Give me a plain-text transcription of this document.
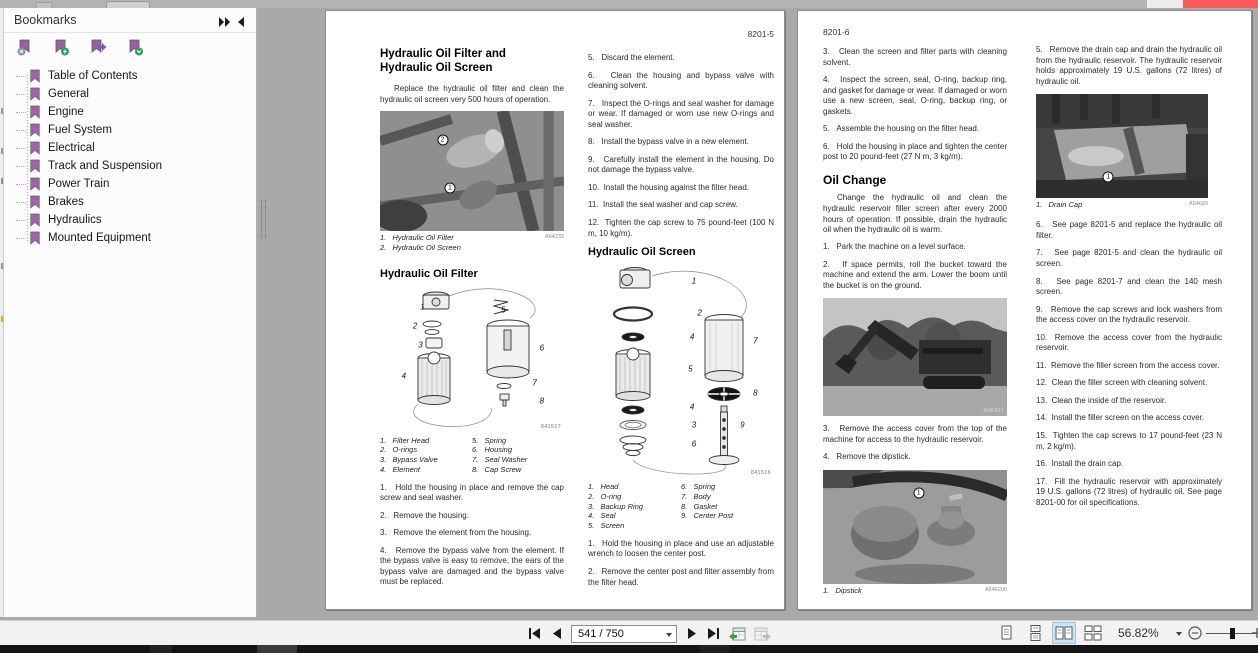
Bookmarks
Table of Contents
General
Engine
Fuel System
Electrical
Track and Suspension
Power Train
Brakes
Hydraulics
Mounted Equipment
Hydraulic Oil Filter and
Hydraulic Oil Screen

Replace the hydraulic oil filter and clean the hydraulic oil screen very 500 hours of operation.

2
1
A64233

1.   Hydraulic Oil Filter

2.   Hydraulic Oil Screen

Hydraulic Oil Filter
841517
1
2
3
4
5
6
7
8

1.   Filter Head

2.   O-rings

3.   Bypass Valve

4.   Element

5.   Spring

6.   Housing

7.   Seal Washer

8.   Cap Screw

1.   Hold the housing in place and remove the cap screw and seal washer.

2.   Remove the housing.

3.   Remove the element from the housing.

4.   Remove the bypass valve from the element. If the bypass valve is easy to remove, the ears of the bypass valve are damaged and the bypass valve must be replaced.

8201-5

5.   Discard the element.

6.   Clean the housing and bypass valve with cleaning solvent.

7.   Inspect the O-rings and seal washer for damage or wear. If damaged or worn use new O-rings and seal washer.

8.   Install the bypass valve in a new element.

9.   Carefully install the element in the housing. Do not damage the bypass valve.

10.  Install the housing against the filter head.

11.  Install the seal washer and cap screw.

12.  Tighten the cap screw to 75 pound-feet (100 N m, 10 kg/m).

Hydraulic Oil Screen
841516
1
2
4
5
4
3
6
7
8
9

1.   Head

2.   O-ring

3.   Backup Ring

4.   Seal

5.   Screen

6.   Spring

7.   Body

8.   Gasket

9.   Center Post

1.   Hold the housing in place and use an adjustable wrench to loosen the center post.

2.   Remove the center post and filter assembly from the filter head.

8201-6

3.   Clean the screen and filter parts with cleaning solvent.

4.   Inspect the screen, seal, O-ring, backup ring, and gasket for damage or wear. If damaged or worn use a new screen, seal, O-ring, backup ring, or gaskets.

5.   Assemble the housing on the filter head.

6.   Hold the housing in place and tighten the center post to 20 pound-feet (27 N m, 3 kg/m).

Oil Change

Change the hydraulic oil and clean the hydraulic reservoir filler screen after every 2000 hours of operation. If possible, drain the hydraulic oil when the hydraulic oil is warm.

1.   Park the machine on a level surface.

2.   If space permits, roll the bucket toward the machine and extend the arm. Lower the boom until the bucket is on the ground.

A66401

3.   Remove the access cover from the top of the machine for access to the hydraulic reservoir.

4.   Remove the dipstick.

1

1.   Dipstick	A646200

5.   Remove the drain cap and drain the hydraulic oil from the hydraulic reservoir. The hydraulic reservoir holds approximately 19 U.S. gallons (72 litres) of hydraulic oil.

1

1.   Drain Cap	A64629

6.   See page 8201-5 and replace the hydraulic oil filter.

7.   See page 8201-5 and clean the hydraulic oil screen.

8.   See page 8201-7 and clean the 140 mesh screen.

9.   Remove the cap screws and lock washers from the access cover on the hydraulic reservoir.

10.  Remove the access cover from the hydraulic reservoir.

11.  Remove the filler screen from the access cover.

12.  Clean the filler screen with cleaning solvent.

13.  Clean the inside of the reservoir.

14.  Install the filler screen on the access cover.

15.  Tighten the cap screws to 17 pound-feet (23 N m, 2 kg/m).

16.  Install the drain cap.

17.  Fill the hydraulic reservoir with approximately 19 U.S. gallons (72 litres) of hydraulic oil. See page 8201-00 for oil specifications.

541 / 750	56.82%
